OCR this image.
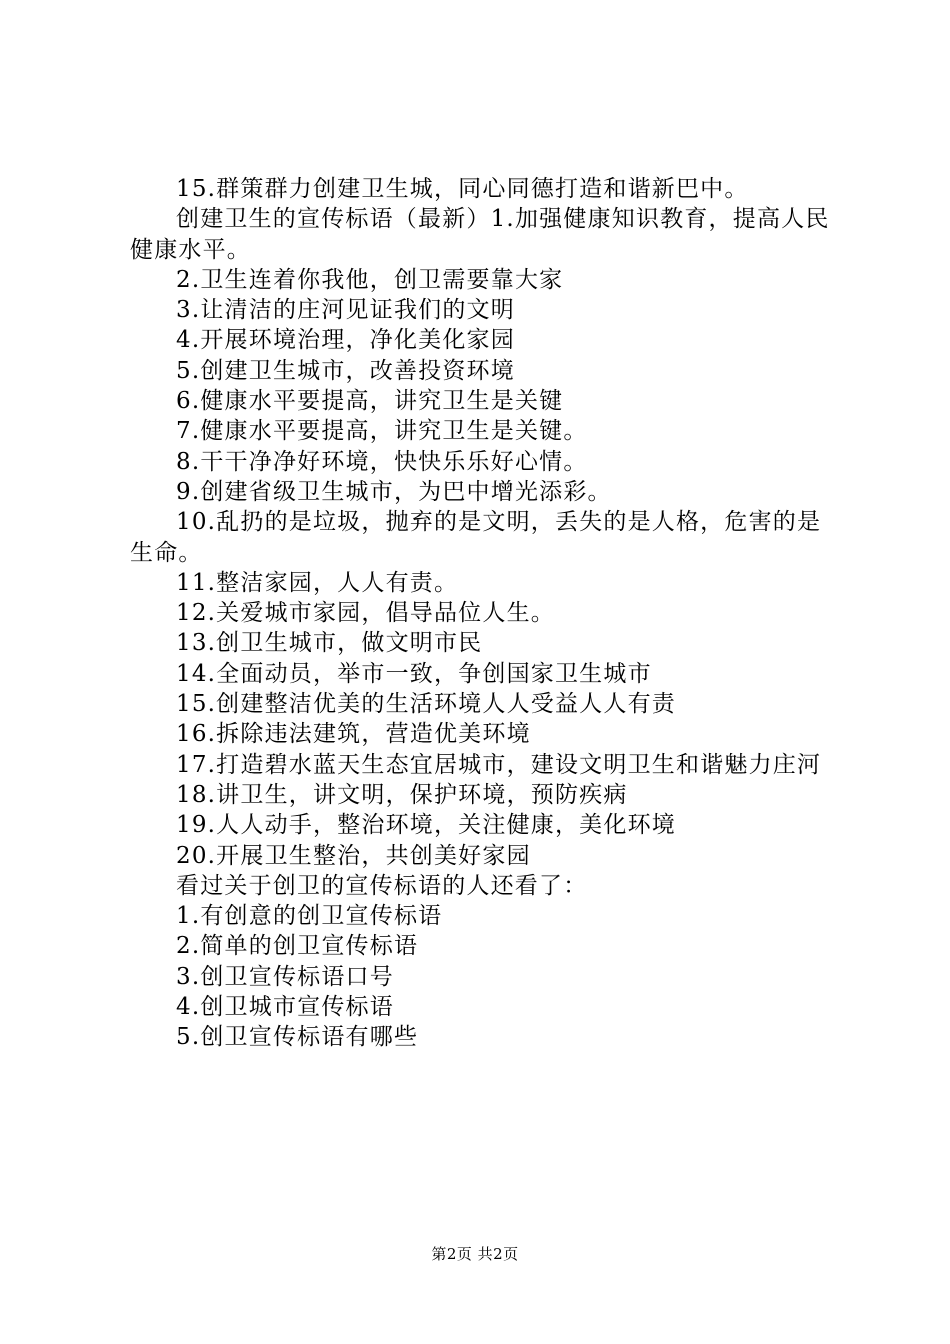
15.群策群力创建卫生城，同心同德打造和谐新巴中。

创建卫生的宣传标语（最新）1.加强健康知识教育，提高人民健康水平。

2.卫生连着你我他，创卫需要靠大家

3.让清洁的庄河见证我们的文明

4.开展环境治理，净化美化家园

5.创建卫生城市，改善投资环境

6.健康水平要提高，讲究卫生是关键

7.健康水平要提高，讲究卫生是关键。

8.干干净净好环境，快快乐乐好心情。

9.创建省级卫生城市，为巴中增光添彩。

10.乱扔的是垃圾，抛弃的是文明，丢失的是人格，危害的是生命。

11.整洁家园，人人有责。

12.关爱城市家园，倡导品位人生。

13.创卫生城市，做文明市民

14.全面动员，举市一致，争创国家卫生城市

15.创建整洁优美的生活环境人人受益人人有责

16.拆除违法建筑，营造优美环境

17.打造碧水蓝天生态宜居城市，建设文明卫生和谐魅力庄河

18.讲卫生，讲文明，保护环境，预防疾病

19.人人动手，整治环境，关注健康，美化环境

20.开展卫生整治，共创美好家园

看过关于创卫的宣传标语的人还看了：

1.有创意的创卫宣传标语

2.简单的创卫宣传标语

3.创卫宣传标语口号

4.创卫城市宣传标语

5.创卫宣传标语有哪些

第2页 共2页
